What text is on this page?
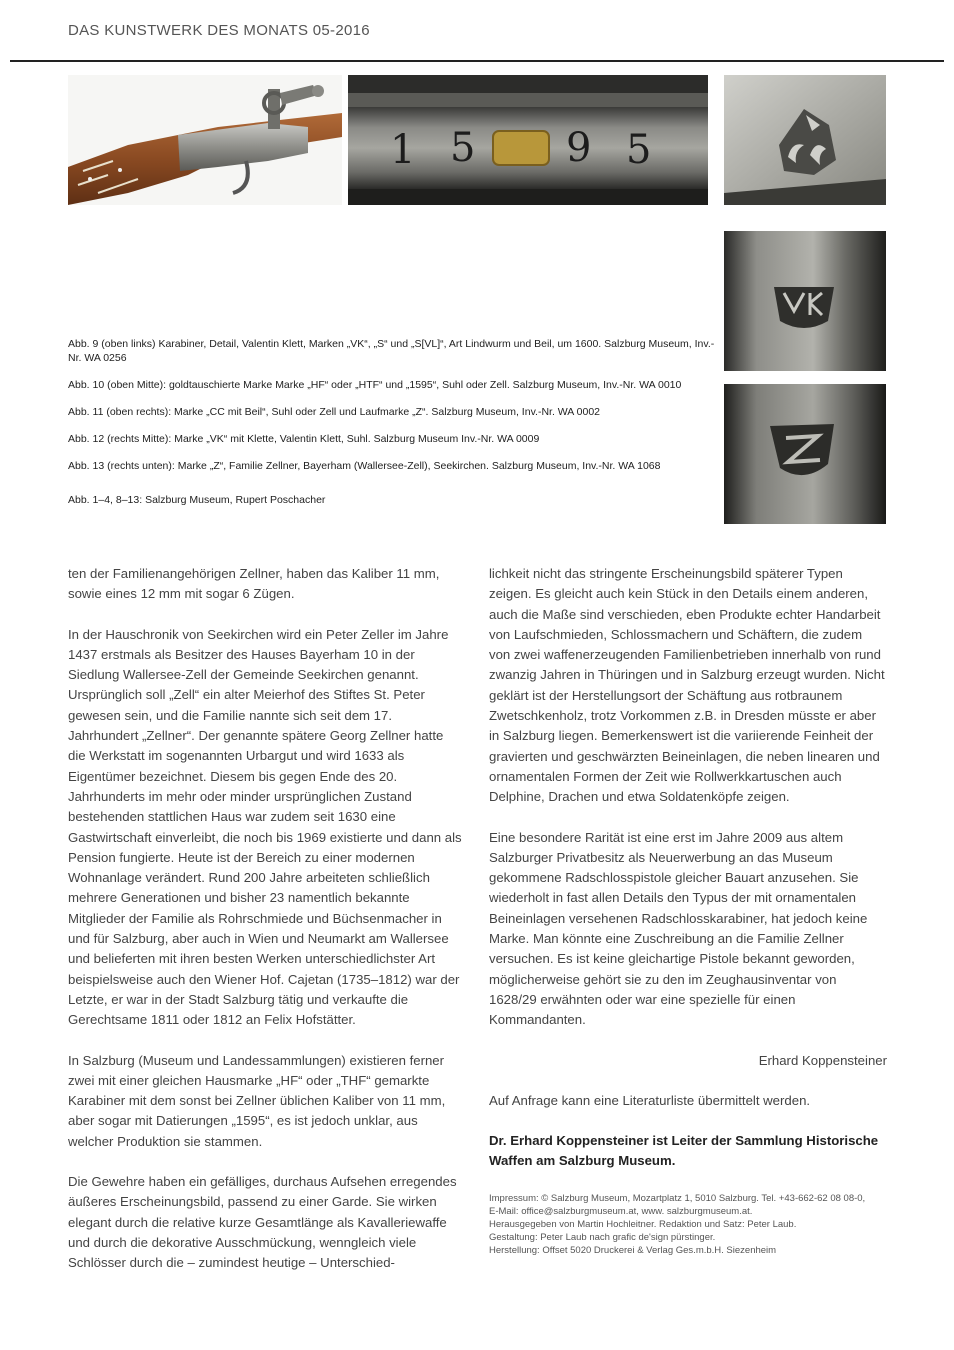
DAS KUNSTWERK DES MONATS 05-2016
1 5 9 5

Abb. 9 (oben links) Karabiner, Detail, Valentin Klett, Marken „VK“, „S“ und „S[VL]“, Art Lindwurm und Beil, um 1600. Salzburg Museum, Inv.-Nr. WA 0256

Abb. 10 (oben Mitte): goldtauschierte Marke Marke „HF“ oder „HTF“ und „1595“, Suhl oder Zell. Salzburg Museum, Inv.-Nr. WA 0010

Abb. 11 (oben rechts): Marke „CC mit Beil“, Suhl oder Zell und Laufmarke „Z“. Salzburg Museum, Inv.-Nr. WA 0002

Abb. 12 (rechts Mitte): Marke „VK“ mit Klette, Valentin Klett, Suhl. Salzburg Museum Inv.-Nr. WA 0009

Abb. 13 (rechts unten): Marke „Z“, Familie Zellner, Bayerham (Wallersee-Zell), Seekirchen. Salzburg Museum, Inv.-Nr. WA 1068

Abb. 1–4, 8–13: Salzburg Museum, Rupert Poschacher

ten der Familienangehörigen Zellner, haben das Kaliber 11 mm, sowie eines 12 mm mit sogar 6 Zügen.

In der Hauschronik von Seekirchen wird ein Peter Zeller im Jahre 1437 erstmals als Besitzer des Hauses Bayerham 10 in der Siedlung Wallersee-Zell der Gemeinde Seekirchen genannt. Ursprünglich soll „Zell“ ein alter Meierhof des Stiftes St. Peter gewesen sein, und die Familie nannte sich seit dem 17. Jahrhundert „Zellner“. Der genannte spätere Georg Zellner hatte die Werkstatt im sogenannten Urbargut und wird 1633 als Eigentümer bezeichnet. Diesem bis gegen Ende des 20. Jahrhunderts im mehr oder minder ursprünglichen Zustand bestehenden stattlichen Haus war zudem seit 1630 eine Gastwirtschaft einverleibt, die noch bis 1969 existierte und dann als Pension fungierte. Heute ist der Bereich zu einer modernen Wohnanlage verändert. Rund 200 Jahre arbeiteten schließlich mehrere Generationen und bisher 23 namentlich bekannte Mitglieder der Familie als Rohrschmiede und Büchsenmacher in und für Salzburg, aber auch in Wien und Neumarkt am Wallersee und belieferten mit ihren besten Werken unterschiedlichster Art beispielsweise auch den Wiener Hof. Cajetan (1735–1812) war der Letzte, er war in der Stadt Salzburg tätig und verkaufte die Gerechtsame 1811 oder 1812 an Felix Hofstätter.

In Salzburg (Museum und Landessammlungen) existieren ferner zwei mit einer gleichen Hausmarke „HF“ oder „THF“ gemarkte Karabiner mit dem sonst bei Zellner üblichen Kaliber von 11 mm, aber sogar mit Datierungen „1595“, es ist jedoch unklar, aus welcher Produktion sie stammen.

Die Gewehre haben ein gefälliges, durchaus Aufsehen erregendes äußeres Erscheinungsbild, passend zu einer Garde. Sie wirken elegant durch die relative kurze Gesamtlänge als Kavalleriewaffe und durch die dekorative Ausschmückung, wenngleich viele Schlösser durch die – zumindest heutige – Unterschied-

lichkeit nicht das stringente Erscheinungsbild späterer Typen zeigen. Es gleicht auch kein Stück in den Details einem anderen, auch die Maße sind verschieden, eben Produkte echter Handarbeit von Laufschmieden, Schlossmachern und Schäftern, die zudem von zwei waffenerzeugenden Familienbetrieben innerhalb von rund zwanzig Jahren in Thüringen und in Salzburg erzeugt wurden. Nicht geklärt ist der Herstellungsort der Schäftung aus rotbraunem Zwetschkenholz, trotz Vorkommen z.B. in Dresden müsste er aber in Salzburg liegen. Bemerkenswert ist die variierende Feinheit der gravierten und geschwärzten Beineinlagen, die neben linearen und ornamentalen Formen der Zeit wie Rollwerkkartuschen auch Delphine, Drachen und etwa Soldatenköpfe zeigen.

Eine besondere Rarität ist eine erst im Jahre 2009 aus altem Salzburger Privatbesitz als Neuerwerbung an das Museum gekommene Radschlosspistole gleicher Bauart anzusehen. Sie wiederholt in fast allen Details den Typus der mit ornamentalen Beineinlagen versehenen Radschlosskarabiner, hat jedoch keine Marke. Man könnte eine Zuschreibung an die Familie Zellner versuchen. Es ist keine gleichartige Pistole bekannt geworden, möglicherweise gehört sie zu den im Zeughausinventar von 1628/29 erwähnten oder war eine spezielle für einen Kommandanten.

Erhard Koppensteiner

Auf Anfrage kann eine Literaturliste übermittelt werden.

Dr. Erhard Koppensteiner ist Leiter der Sammlung Historische Waffen am Salzburg Museum.

Impressum: © Salzburg Museum, Mozartplatz 1, 5010 Salzburg. Tel. +43-662-62 08 08-0,
E-Mail: office@salzburgmuseum.at, www. salzburgmuseum.at.
Herausgegeben von Martin Hochleitner. Redaktion und Satz: Peter Laub.
Gestaltung: Peter Laub nach grafic de'sign pürstinger.
Herstellung: Offset 5020 Druckerei & Verlag Ges.m.b.H. Siezenheim
